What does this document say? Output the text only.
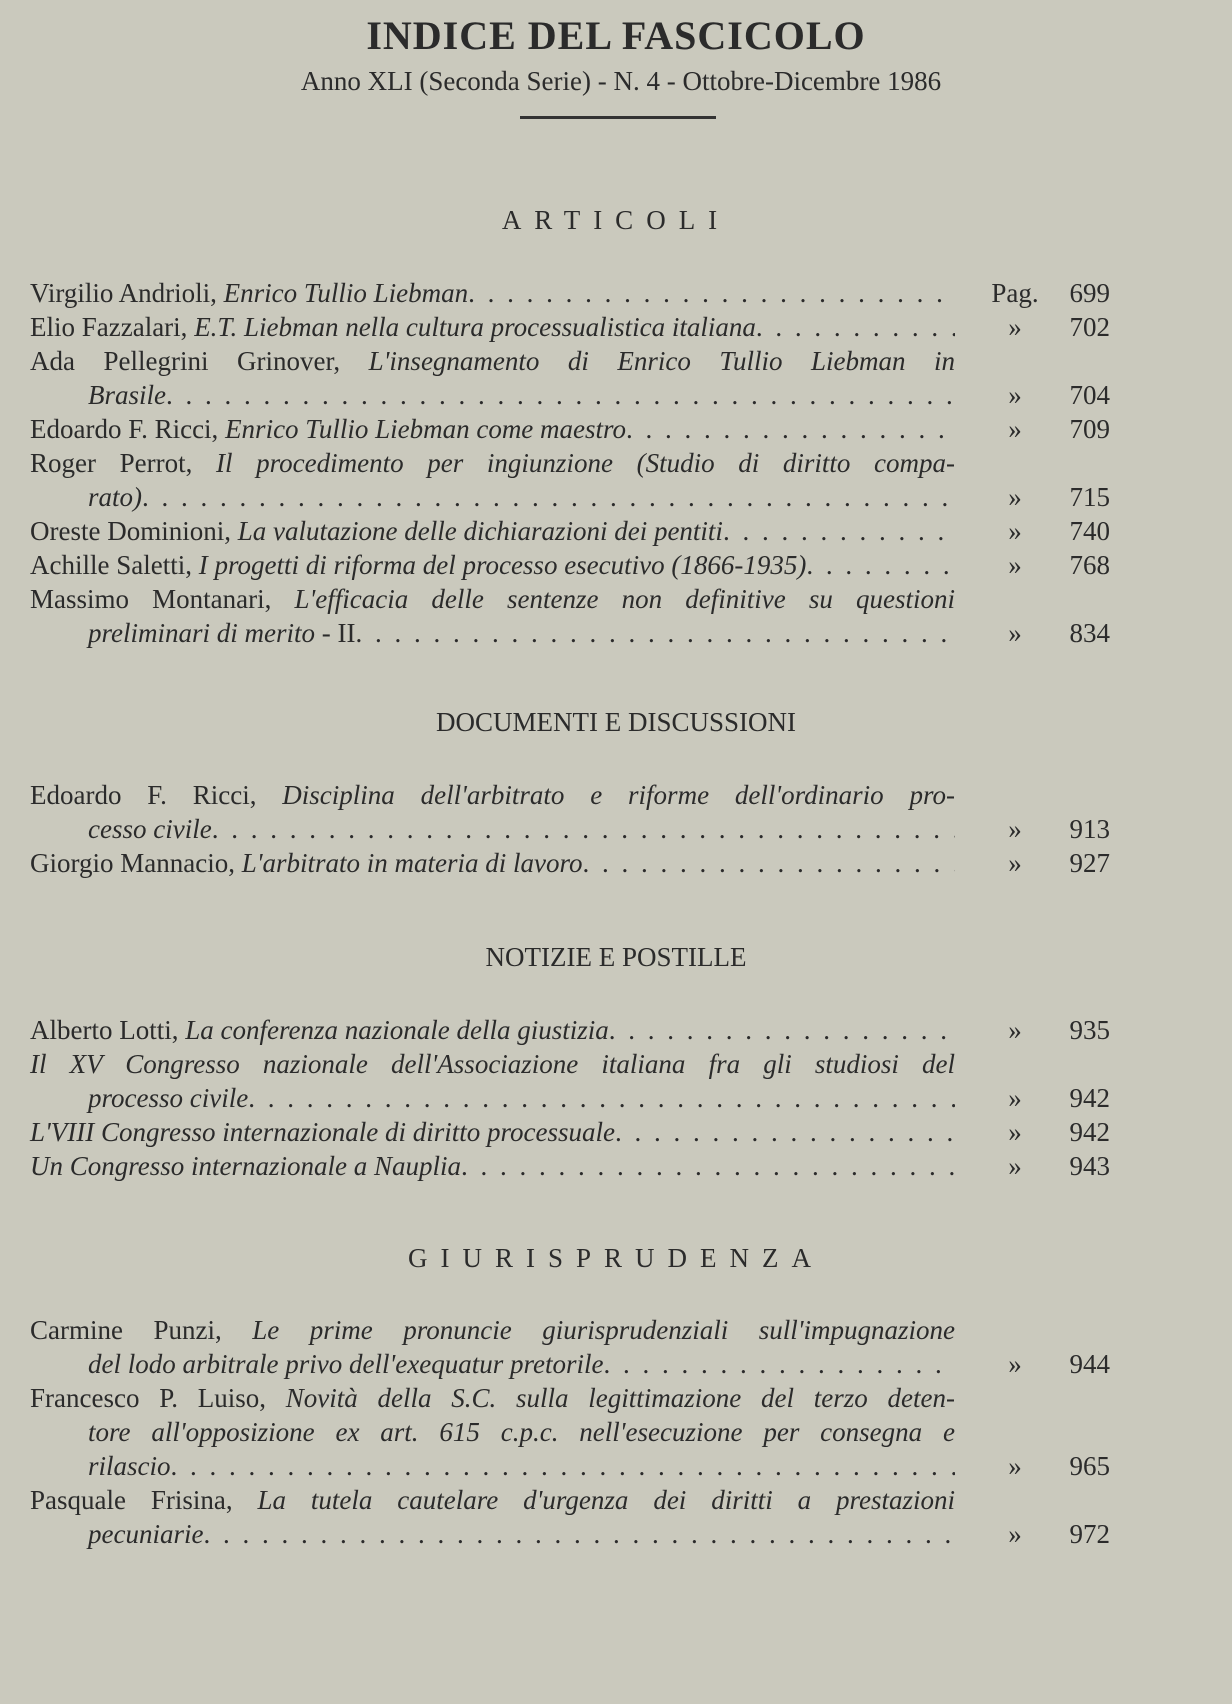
INDICE DEL FASCICOLO
Anno XLI (Seconda Serie) - N. 4 - Ottobre-Dicembre 1986
ARTICOLI
Virgilio Andrioli, Enrico Tullio Liebman . . .	Pag.	699
Elio Fazzalari, E.T. Liebman nella cultura processualistica italiana . . .	»	702
Ada Pellegrini Grinover, L'insegnamento di Enrico Tullio Liebman in
Brasile . . .	»	704
Edoardo F. Ricci, Enrico Tullio Liebman come maestro . . .	»	709
Roger Perrot, Il procedimento per ingiunzione (Studio di diritto compa-
rato) . . .	»	715
Oreste Dominioni, La valutazione delle dichiarazioni dei pentiti . . .	»	740
Achille Saletti, I progetti di riforma del processo esecutivo (1866-1935) . . .	»	768
Massimo Montanari, L'efficacia delle sentenze non definitive su questioni
preliminari di merito - II . . .	»	834
DOCUMENTI E DISCUSSIONI
Edoardo F. Ricci, Disciplina dell'arbitrato e riforme dell'ordinario pro-
cesso civile . . .	»	913
Giorgio Mannacio, L'arbitrato in materia di lavoro . . .	»	927
NOTIZIE E POSTILLE
Alberto Lotti, La conferenza nazionale della giustizia . . .	»	935
Il XV Congresso nazionale dell'Associazione italiana fra gli studiosi del
processo civile . . .	»	942
L'VIII Congresso internazionale di diritto processuale . . .	»	942
Un Congresso internazionale a Nauplia . . .	»	943
GIURISPRUDENZA
Carmine Punzi, Le prime pronuncie giurisprudenziali sull'impugnazione
del lodo arbitrale privo dell'exequatur pretorile . . .	»	944
Francesco P. Luiso, Novità della S.C. sulla legittimazione del terzo deten-
tore all'opposizione ex art. 615 c.p.c. nell'esecuzione per consegna e
rilascio . . .	»	965
Pasquale Frisina, La tutela cautelare d'urgenza dei diritti a prestazioni
pecuniarie . . .	»	972
